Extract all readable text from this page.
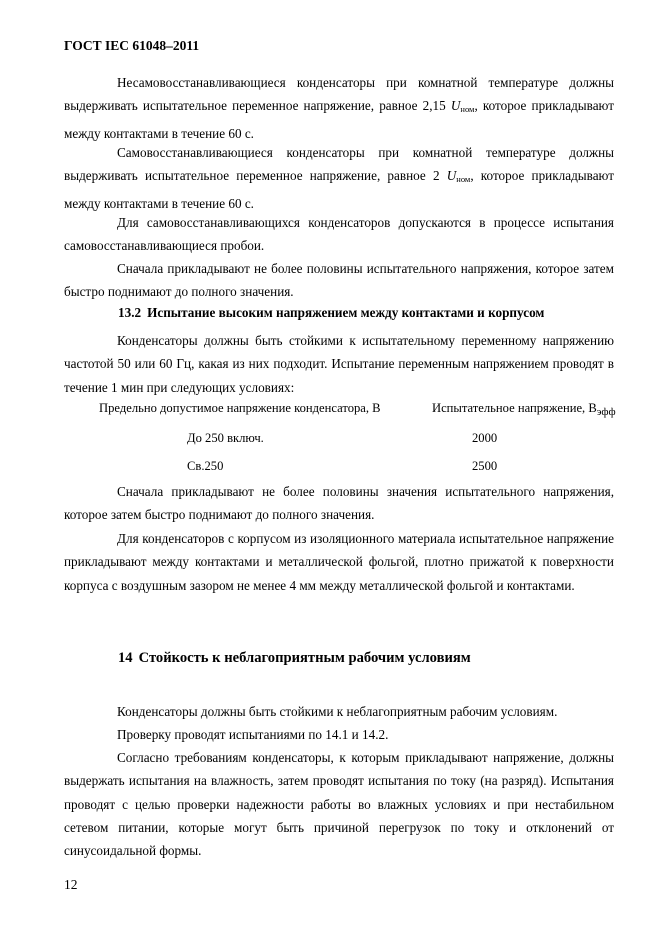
ГОСТ IEC 61048–2011
Несамовосстанавливающиеся конденсаторы при комнатной температуре должны выдерживать испытательное переменное напряжение, равное 2,15 $U_{ном}$, которое прикладывают между контактами в течение 60 с.
Самовосстанавливающиеся конденсаторы при комнатной температуре должны выдерживать испытательное переменное напряжение, равное 2 $U_{ном}$, которое прикладывают между контактами в течение 60 с.
Для самовосстанавливающихся конденсаторов допускаются в процессе испытания самовосстанавливающиеся пробои.
Сначала прикладывают не более половины испытательного напряжения, которое затем быстро поднимают до полного значения.
13.2 Испытание высоким напряжением между контактами и корпусом
Конденсаторы должны быть стойкими к испытательному переменному напряжению частотой 50 или 60 Гц, какая из них подходит. Испытание переменным напряжением проводят в течение 1 мин при следующих условиях:
Предельно допустимое напряжение конденсатора, В	Испытательное напряжение, Вэфф
До 250 включ.	2000
Св.250	2500
Сначала прикладывают не более половины значения испытательного напряжения, которое затем быстро поднимают до полного значения.
Для конденсаторов с корпусом из изоляционного материала испытательное напряжение прикладывают между контактами и металлической фольгой, плотно прижатой к поверхности корпуса с воздушным зазором не менее 4 мм между металлической фольгой и контактами.
14 Стойкость к неблагоприятным рабочим условиям
Конденсаторы должны быть стойкими к неблагоприятным рабочим условиям.
Проверку проводят испытаниями по 14.1 и 14.2.
Согласно требованиям конденсаторы, к которым прикладывают напряжение, должны выдержать испытания на влажность, затем проводят испытания по току (на разряд). Испытания проводят с целью проверки надежности работы во влажных условиях и при нестабильном сетевом питании, которые могут быть причиной перегрузок по току и отклонений от синусоидальной формы.
12
